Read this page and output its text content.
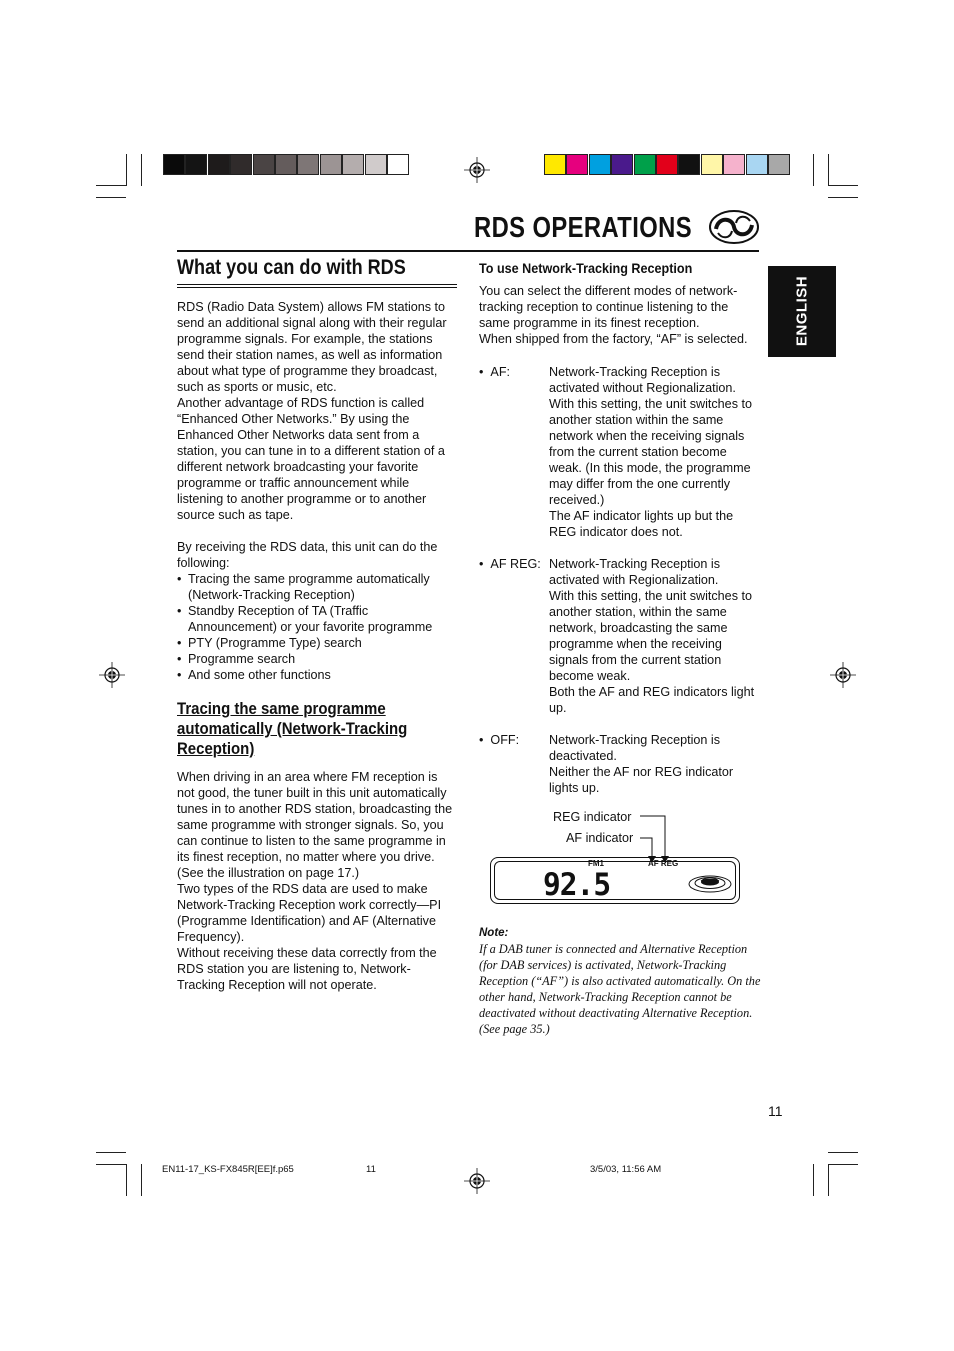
RDS OPERATIONS
ENGLISH
What you can do with RDS

RDS (Radio Data System) allows FM stations to send an additional signal along with their regular programme signals. For example, the stations send their station names, as well as information about what type of programme they broadcast, such as sports or music, etc.

Another advantage of RDS function is called “Enhanced Other Networks.” By using the Enhanced Other Networks data sent from a station, you can tune in to a different station of a different network broadcasting your favorite programme or traffic announcement while listening to another programme or to another source such as tape.

By receiving the RDS data, this unit can do the following:

• Tracing the same programme automatically (Network-Tracking Reception)
• Standby Reception of TA (Traffic Announcement) or your favorite programme
• PTY (Programme Type) search
• Programme search
• And some other functions
Tracing the same programme automatically (Network-Tracking Reception)

When driving in an area where FM reception is not good, the tuner built in this unit automatically tunes in to another RDS station, broadcasting the same programme with stronger signals. So, you can continue to listen to the same programme in its finest reception, no matter where you drive. (See the illustration on page 17.)

Two types of the RDS data are used to make Network-Tracking Reception work correctly—PI (Programme Identification) and AF (Alternative Frequency).

Without receiving these data correctly from the RDS station you are listening to, Network-Tracking Reception will not operate.

To use Network-Tracking Reception

You can select the different modes of network-tracking reception to continue listening to the same programme in its finest reception.

When shipped from the factory, “AF” is selected.

•  AF:	Network-Tracking Reception is activated without Regionalization.

With this setting, the unit switches to another station within the same network when the receiving signals from the current station become weak. (In this mode, the programme may differ from the one currently received.)

The AF indicator lights up but the REG indicator does not.

•  AF REG: Network-Tracking Reception is activated with Regionalization.

With this setting, the unit switches to another station, within the same network, broadcasting the same programme when the receiving signals from the current station become weak.

Both the AF and REG indicators light up.

•  OFF: Network-Tracking Reception is deactivated.

Neither the AF nor REG indicator lights up.

REG indicator
AF indicator
FM1	AF REG
92.5
Note:
If a DAB tuner is connected and Alternative Reception (for DAB services) is activated, Network-Tracking Reception (“AF”) is also activated automatically. On the other hand, Network-Tracking Reception cannot be deactivated without deactivating Alternative Reception. (See page 35.)
11
EN11-17_KS-FX845R[EE]f.p65	11	3/5/03, 11:56 AM
